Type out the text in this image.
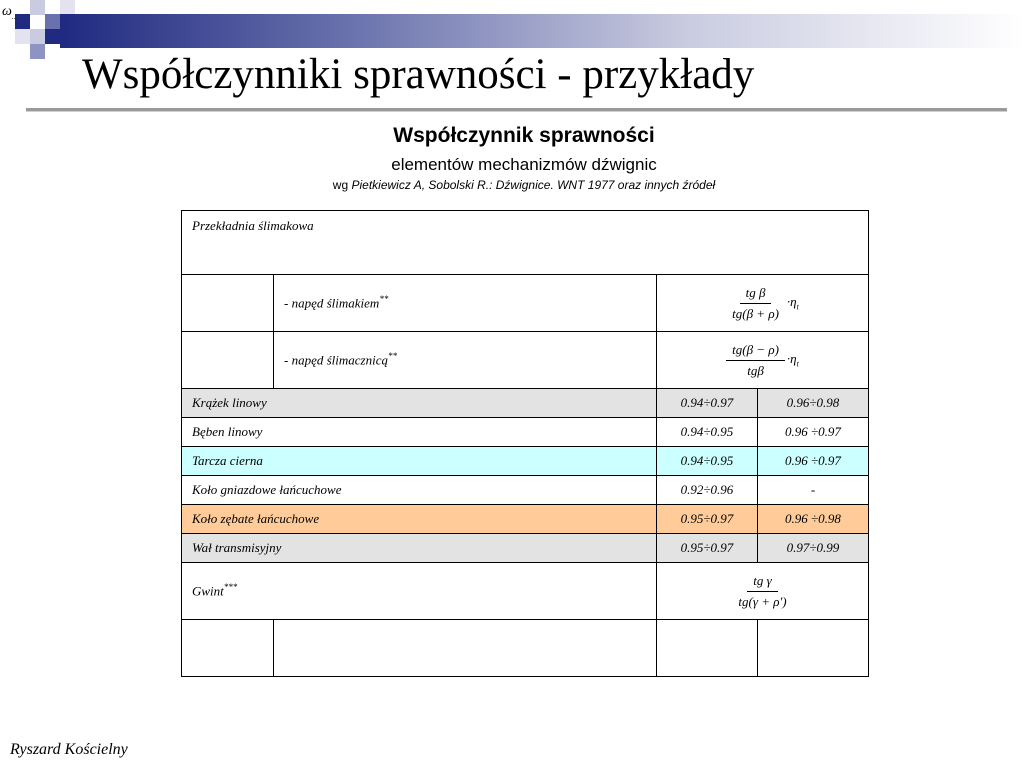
$\omega_{...}$
Współczynniki sprawności - przykłady
Współczynnik sprawności
elementów mechanizmów dźwignic
wg Pietkiewicz A, Sobolski R.: Dźwignice. WNT 1977 oraz innych źródeł
Przekładnia ślimakowa			
	- napęd ślimakiem**	$\frac{\text{tg β}}{tg(\beta + \rho)} \cdot\eta_t$
	- napęd ślimacznicą**	$\frac{tg(\beta - \rho)}{\text{tgβ}} \cdot\eta_t$
Krążek linowy		0.94÷0.97	0.96÷0.98
Bęben linowy		0.94÷0.95	0.96 ÷0.97
Tarcza cierna		0.94÷0.95	0.96 ÷0.97
Koło gniazdowe łańcuchowe		0.92÷0.96	-
Koło zębate łańcuchowe		0.95÷0.97	0.96 ÷0.98
Wał transmisyjny		0.95÷0.97	0.97÷0.99
Gwint***		$\frac{\text{tg γ}}{tg(\gamma + \rho')}$

Ryszard Kościelny
